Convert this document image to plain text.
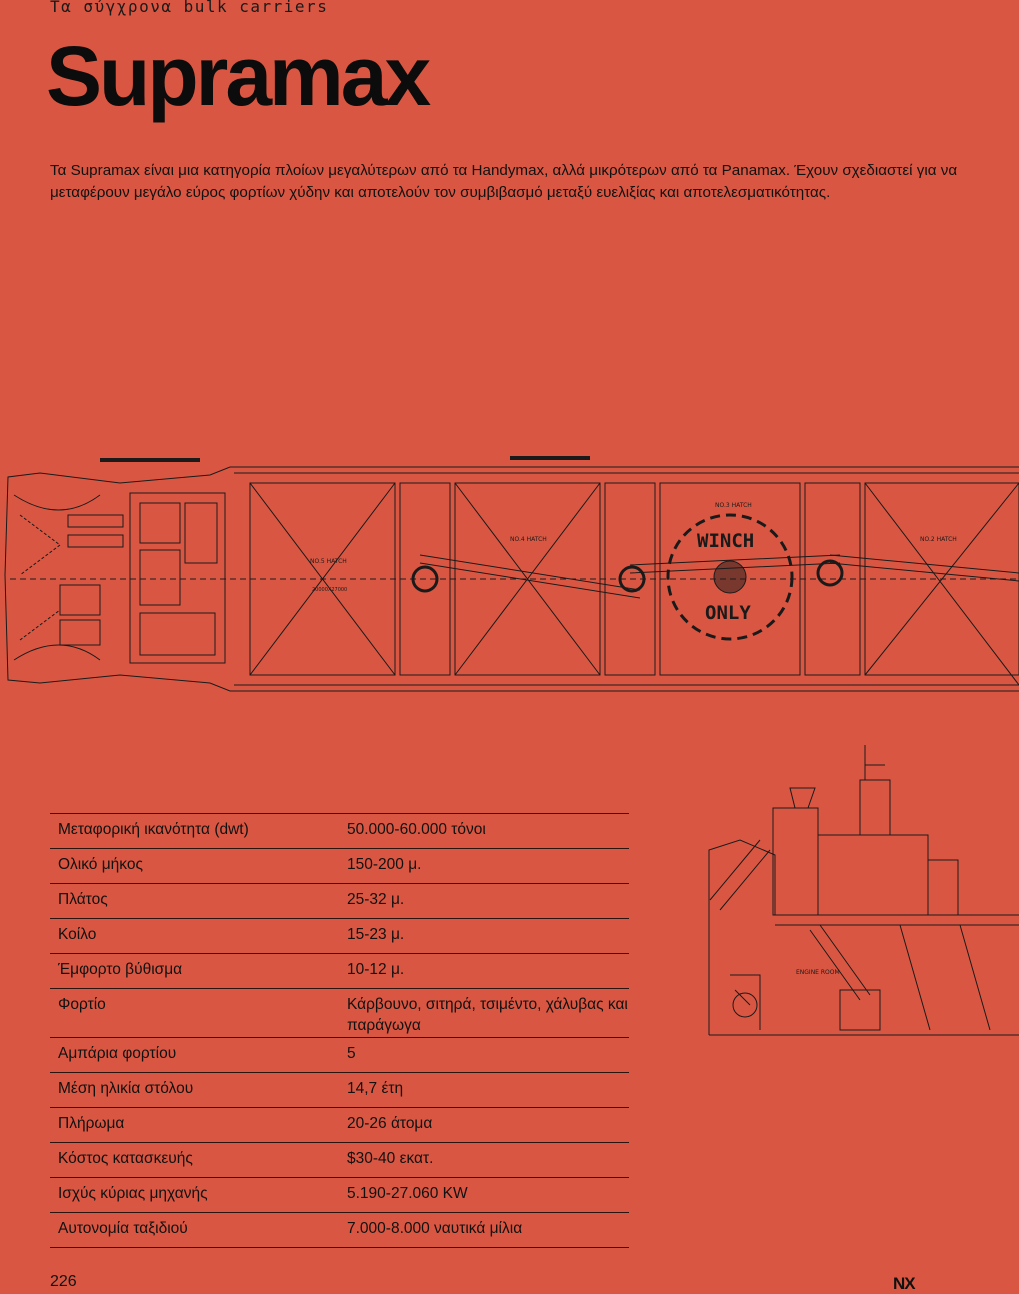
Τα σύγχρονα bulk carriers
Supramax

Τα Supramax είναι μια κατηγορία πλοίων μεγαλύτερων από τα Handymax, αλλά μικρότερων από τα Panamax. Έχουν σχεδιαστεί για να μεταφέρουν μεγάλο εύρος φορτίων χύδην και αποτελούν τον συμβιβασμό μεταξύ ευελιξίας και αποτελεσματικότητας.

NO.5 HATCH
NO.4 HATCH
NO.3 HATCH
NO.2 HATCH
20000X27000
WINCH
ONLY
ENGINE ROOM
Μεταφορική ικανότητα (dwt)	50.000-60.000 τόνοι
Ολικό μήκος	150-200 μ.
Πλάτος	25-32 μ.
Κοίλο	15-23 μ.
Έμφορτο βύθισμα	10-12 μ.
Φορτίο	Κάρβουνο, σιτηρά, τσιμέντο, χάλυβας και παράγωγα
Αμπάρια φορτίου	5
Μέση ηλικία στόλου	14,7 έτη
Πλήρωμα	20-26 άτομα
Κόστος κατασκευής	$30-40 εκατ.
Ισχύς κύριας μηχανής	5.190-27.060 KW
Αυτονομία ταξιδιού	7.000-8.000 ναυτικά μίλια
226	NX
